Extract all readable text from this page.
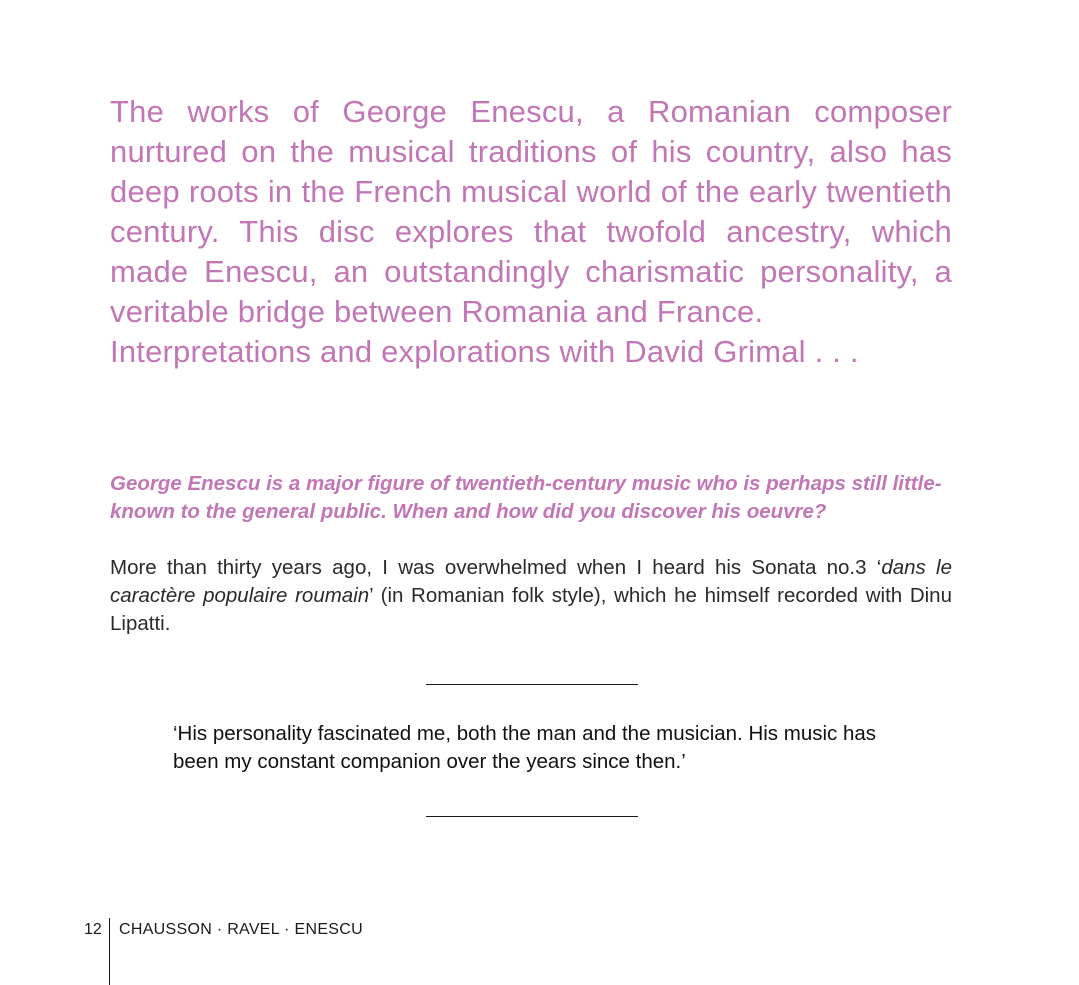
The works of George Enescu, a Romanian composer nurtured on the musical traditions of his country, also has deep roots in the French musical world of the early twentieth century. This disc explores that twofold ancestry, which made Enescu, an outstandingly charismatic personality, a veritable bridge between Romania and France.

Interpretations and explorations with David Grimal . . .

George Enescu is a major figure of twentieth-century music who is perhaps still little-known to the general public. When and how did you discover his oeuvre?

More than thirty years ago, I was overwhelmed when I heard his Sonata no.3 ‘dans le caractère populaire roumain’ (in Romanian folk style), which he himself recorded with Dinu Lipatti.

‘His personality fascinated me, both the man and the musician. His music has been my constant companion over the years since then.’

12 CHAUSSON · RAVEL · ENESCU
